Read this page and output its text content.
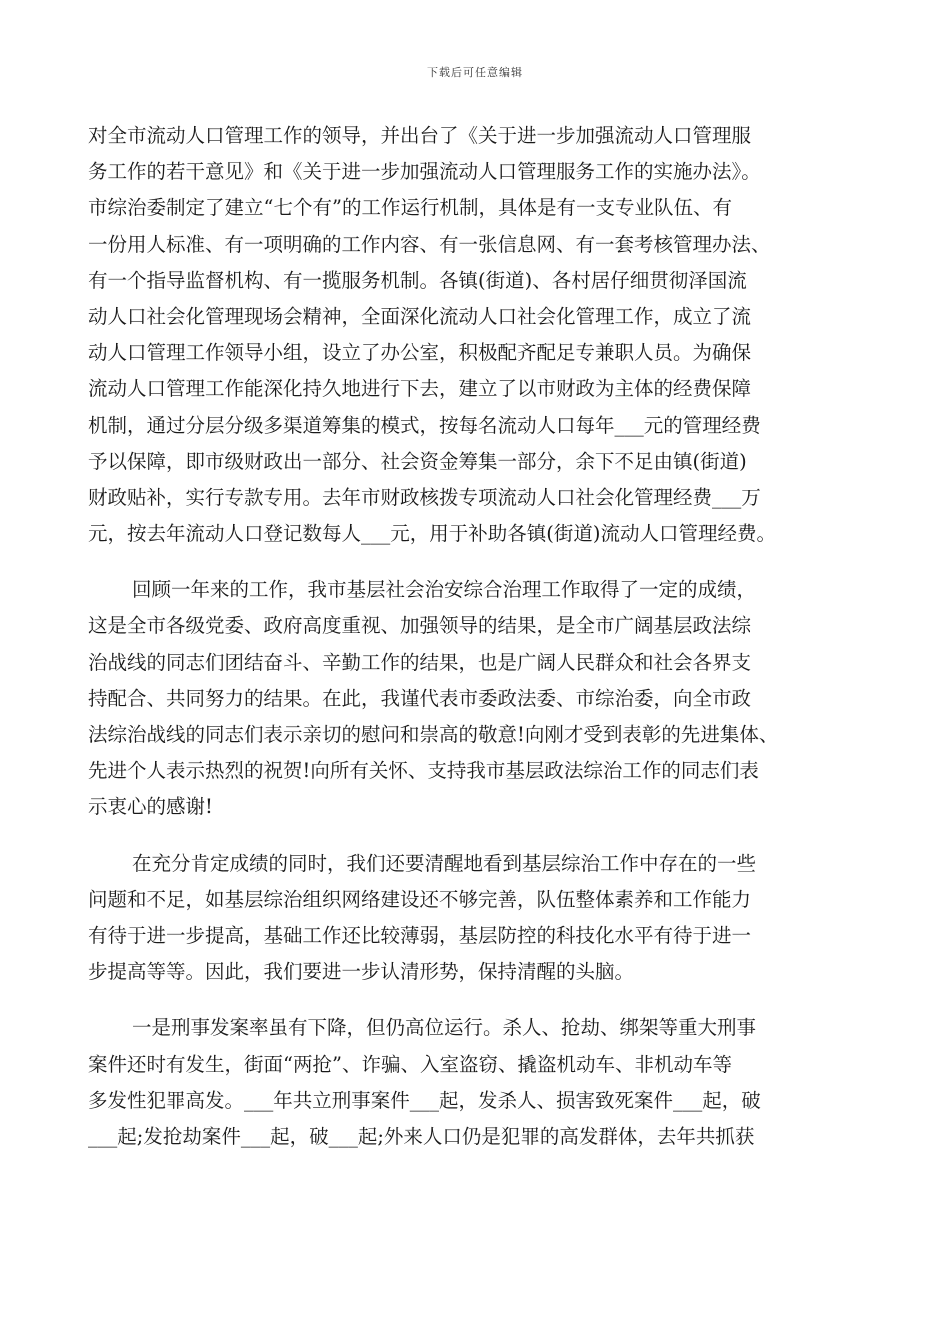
下载后可任意编辑
对全市流动人口管理工作的领导，并出台了《关于进一步加强流动人口管理服
务工作的若干意见》和《关于进一步加强流动人口管理服务工作的实施办法》。
市综治委制定了建立“七个有”的工作运行机制，具体是有一支专业队伍、有
一份用人标准、有一项明确的工作内容、有一张信息网、有一套考核管理办法、
有一个指导监督机构、有一揽服务机制。各镇(街道)、各村居仔细贯彻泽国流
动人口社会化管理现场会精神，全面深化流动人口社会化管理工作，成立了流
动人口管理工作领导小组，设立了办公室，积极配齐配足专兼职人员。为确保
流动人口管理工作能深化持久地进行下去，建立了以市财政为主体的经费保障
机制，通过分层分级多渠道筹集的模式，按每名流动人口每年___元的管理经费
予以保障，即市级财政出一部分、社会资金筹集一部分，余下不足由镇(街道)
财政贴补，实行专款专用。去年市财政核拨专项流动人口社会化管理经费___万
元，按去年流动人口登记数每人___元，用于补助各镇(街道)流动人口管理经费。
回顾一年来的工作，我市基层社会治安综合治理工作取得了一定的成绩，
这是全市各级党委、政府高度重视、加强领导的结果，是全市广阔基层政法综
治战线的同志们团结奋斗、辛勤工作的结果，也是广阔人民群众和社会各界支
持配合、共同努力的结果。在此，我谨代表市委政法委、市综治委，向全市政
法综治战线的同志们表示亲切的慰问和崇高的敬意!向刚才受到表彰的先进集体、
先进个人表示热烈的祝贺!向所有关怀、支持我市基层政法综治工作的同志们表
示衷心的感谢!
在充分肯定成绩的同时，我们还要清醒地看到基层综治工作中存在的一些
问题和不足，如基层综治组织网络建设还不够完善，队伍整体素养和工作能力
有待于进一步提高，基础工作还比较薄弱，基层防控的科技化水平有待于进一
步提高等等。因此，我们要进一步认清形势，保持清醒的头脑。
一是刑事发案率虽有下降，但仍高位运行。杀人、抢劫、绑架等重大刑事
案件还时有发生，街面“两抢”、诈骗、入室盗窃、撬盗机动车、非机动车等
多发性犯罪高发。___年共立刑事案件___起，发杀人、损害致死案件___起，破
___起;发抢劫案件___起，破___起;外来人口仍是犯罪的高发群体，去年共抓获
